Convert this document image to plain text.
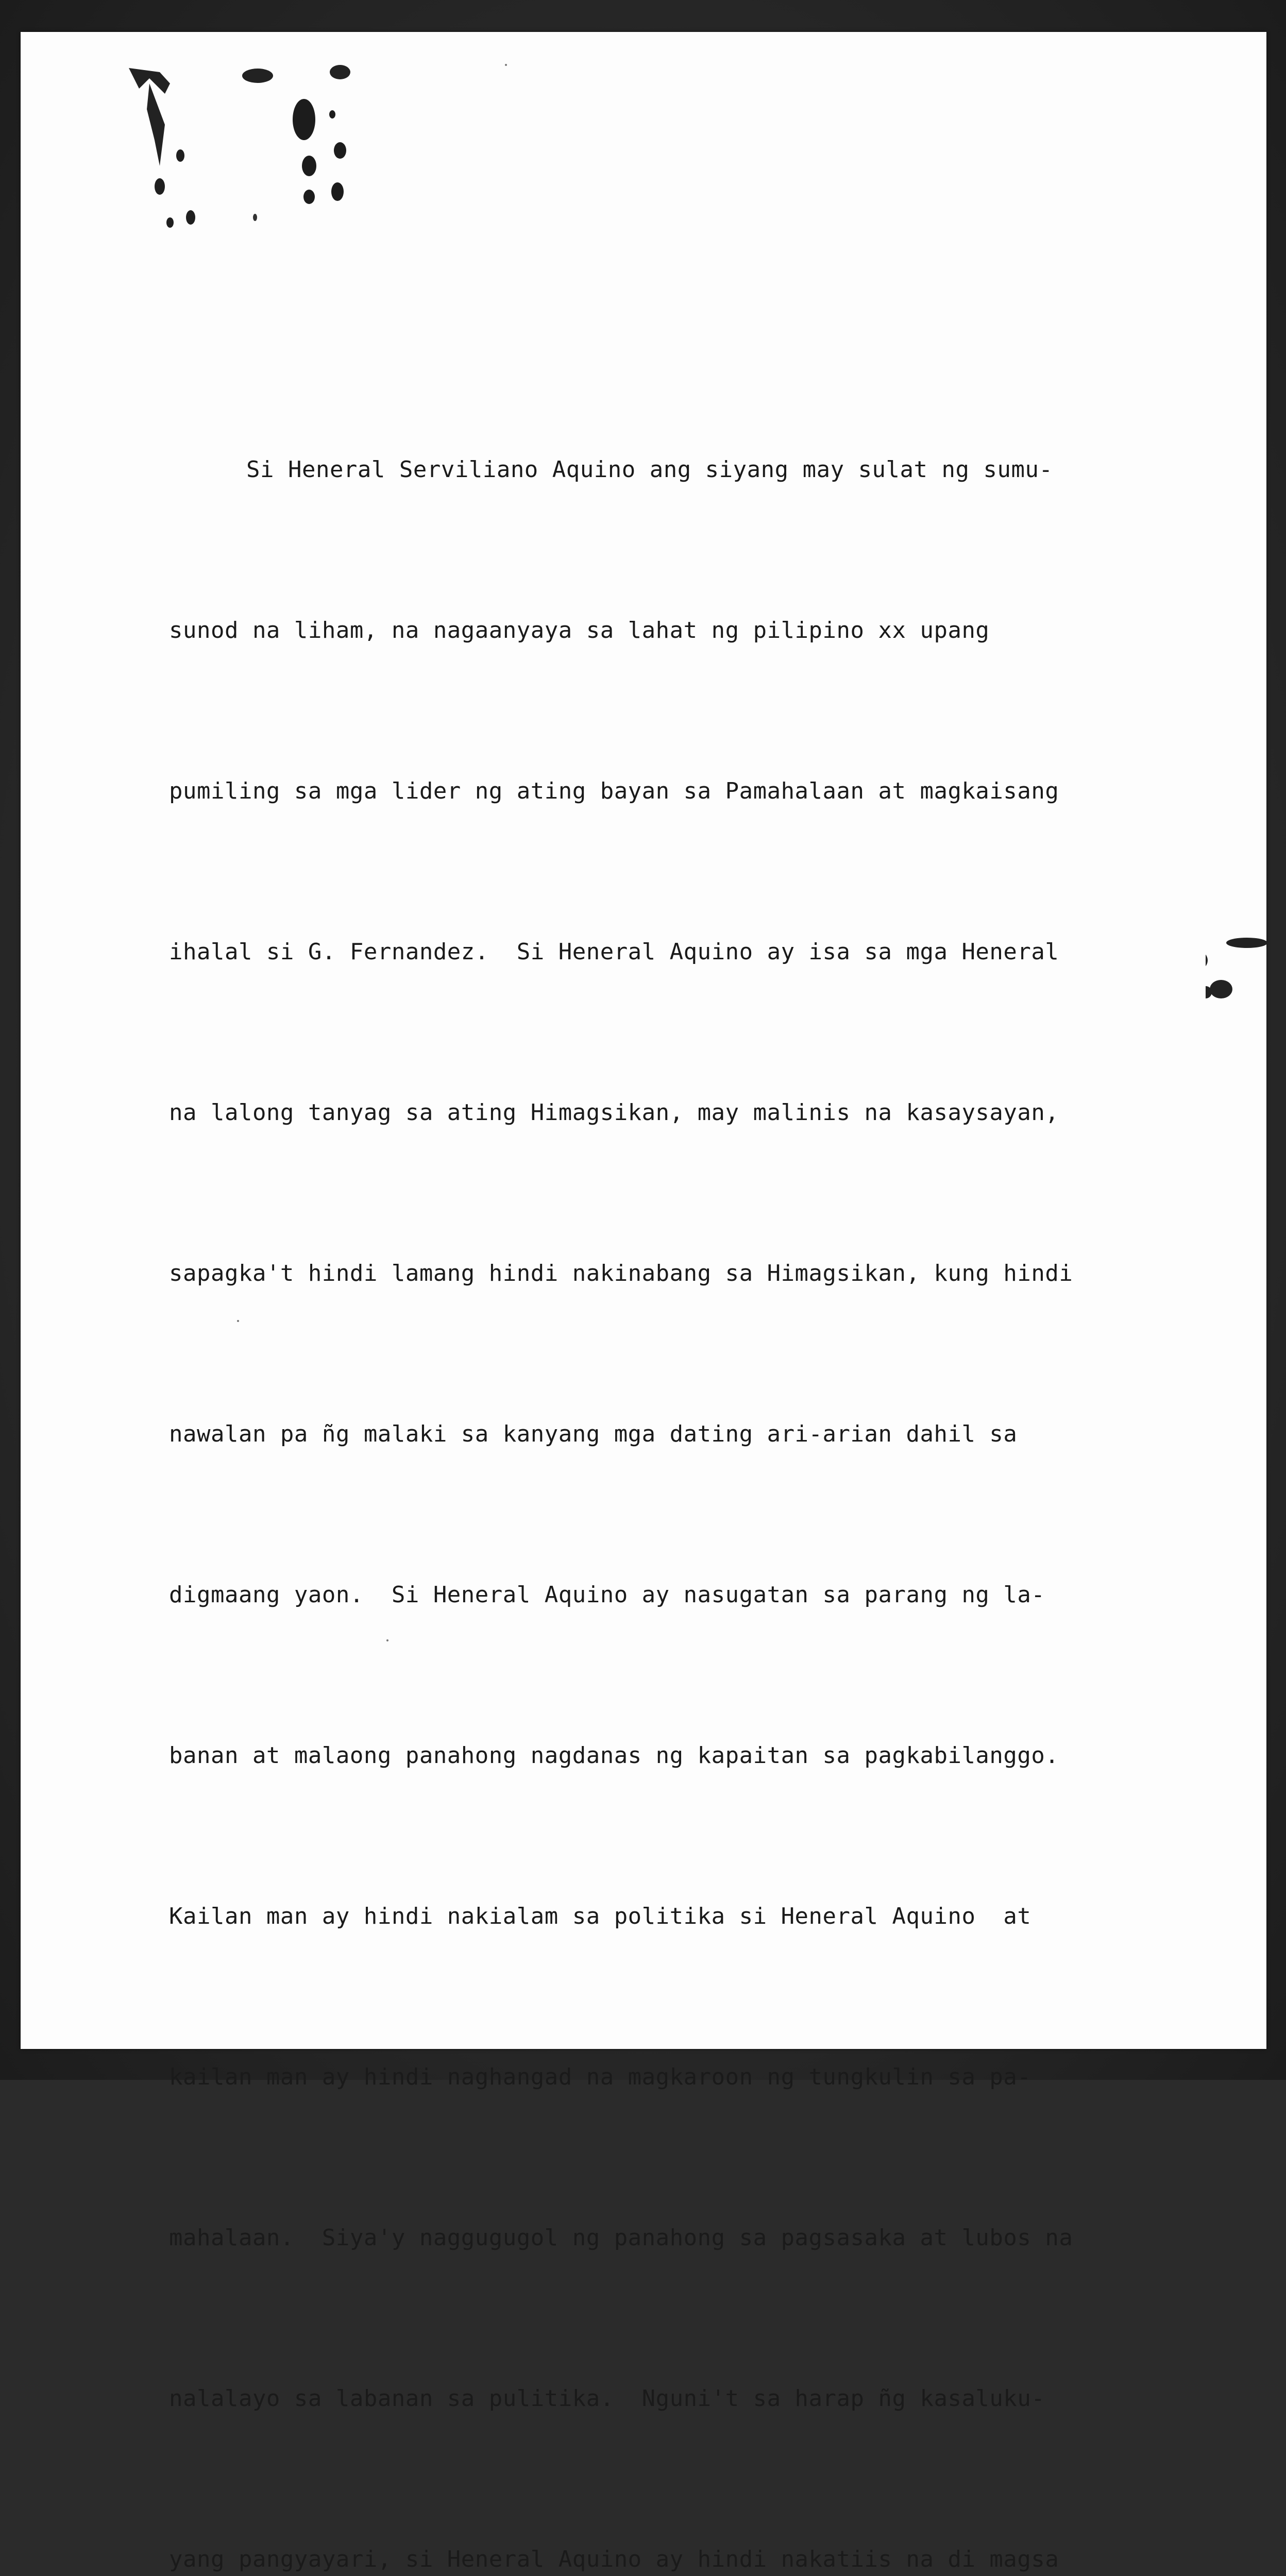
Si Heneral Serviliano Aquino ang siyang may sulat ng sumu-

sunod na liham, na nagaanyaya sa lahat ng pilipino xx upang

pumiling sa mga lider ng ating bayan sa Pamahalaan at magkaisang

ihalal si G. Fernandez.  Si Heneral Aquino ay isa sa mga Heneral

na lalong tanyag sa ating Himagsikan, may malinis na kasaysayan,

sapagka't hindi lamang hindi nakinabang sa Himagsikan, kung hindi

nawalan pa ñg malaki sa kanyang mga dating ari-arian dahil sa

digmaang yaon.  Si Heneral Aquino ay nasugatan sa parang ng la-

banan at malaong panahong nagdanas ng kapaitan sa pagkabilanggo.

Kailan man ay hindi nakialam sa politika si Heneral Aquino  at

kailan man ay hindi naghangad na magkaroon ng tungkulin sa pa-

mahalaan.  Siya'y naggugugol ng panahong sa pagsasaka at lubos na

nalalayo sa labanan sa pulitika.  Nguni't sa harap ñg kasaluku-

yang pangyayari, si Heneral Aquino ay hindi nakatiis na di magsa
